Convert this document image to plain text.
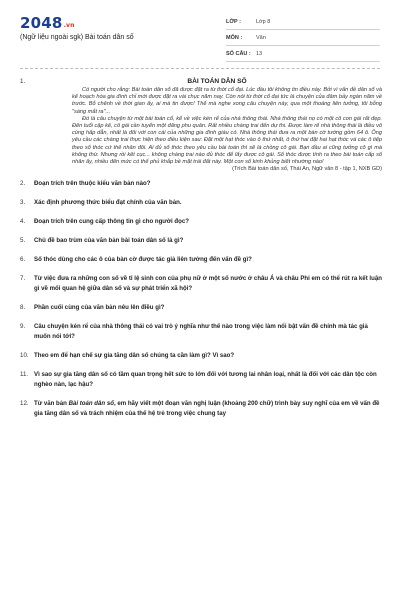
2048.vn
(Ngữ liệu ngoài sgk) Bài toán dân số
LỚP :	Lớp 8
MÔN :	Văn
SỐ CÂU : 13
1.	BÀI TOÁN DÂN SỐ

Có người cho rằng: Bài toán dân số đã được đặt ra từ thời cổ đại. Lúc đầu tôi không tin điều này. Bởi vì vấn đề dân số và kế hoạch hóa gia đình chỉ mới được đặt ra vài chục năm nay. Còn nói từ thời cổ đại tức là chuyện của đâm bảy ngàn năm về trước. Bỗ chênh về thời gian ấy, ai mà tin được! Thế mà nghe xong câu chuyện này, qua một thoáng liên tưởng, tôi bỗng "sáng mắt ra"...

Đó là câu chuyện từ một bài toán cổ, kể về việc kén rể của nhà thông thái. Nhà thông thái nọ có một cô con gái rất đẹp. Đến tuổi cập kê, cô gái cần tuyển một đấng phu quân. Rất nhiều chàng trai đến dự thi. Được làm rể nhà thông thái là điều vô cùng hấp dẫn, nhất là đối với con cái của những gia đình giàu có. Nhà thông thái đưa ra một bàn cờ tướng gồm 64 ô. Ông yêu cầu các chàng trai thực hiện theo điều kiện sau: Đặt một hạt thóc vào ô thứ nhất, ô thứ hai đặt hai hạt thóc và các ô tiếp theo số thóc cứ thế nhân đôi. Ai đủ số thóc theo yêu cầu bài toán thì sẽ là chồng cô gái. Bạn đầu ai cũng tưởng cô gì mà không thừ. Nhưng rồi kết cục... không chàng trai nào đủ thóc để lấy được cô gái. Số thóc được tính ra theo bài toán cấp số nhân ấy, nhiều đến mức có thể phủ khắp bề mặt trái đất này. Một con số kinh khủng biết nhường nào!

(Trích Bài toán dân số, Thái An, Ngữ văn 8 - tập 1, NXB GD)
2. Đoạn trích trên thuộc kiểu văn bản nào?
3. Xác định phương thức biểu đạt chính của văn bản.
4. Đoạn trích trên cung cấp thông tin gì cho người đọc?
5. Chủ đề bao trùm của văn bản bài toán dân số là gì?
6. Số thóc dùng cho các ô của bàn cờ được tác giả liên tưởng đến vấn đề gì?
7. Từ việc đưa ra những con số về tỉ lệ sinh con của phụ nữ ở một số nước ở châu Á và châu Phi em có thể rút ra kết luận gì về mối quan hệ giữa dân số và sự phát triển xã hội?
8. Phần cuối cùng của văn bản nêu lên điều gì?
9. Câu chuyện kén rể của nhà thông thái có vai trò ý nghĩa như thế nào trong việc làm nổi bật vấn đề chính mà tác giả muốn nói tới?
10. Theo em để hạn chế sự gia tăng dân số chúng ta cần làm gì? Vì sao?
11. Vì sao sự gia tăng dân số có tầm quan trọng hết sức to lớn đối với tương lai nhân loại, nhất là đối với các dân tộc còn nghèo nàn, lạc hậu?
12. Từ văn bản Bài toán dân số, em hãy viết một đoạn văn nghị luận (khoảng 200 chữ) trình bày suy nghĩ của em về vấn đề gia tăng dân số và trách nhiệm của thế hệ trẻ trong việc chung tay
